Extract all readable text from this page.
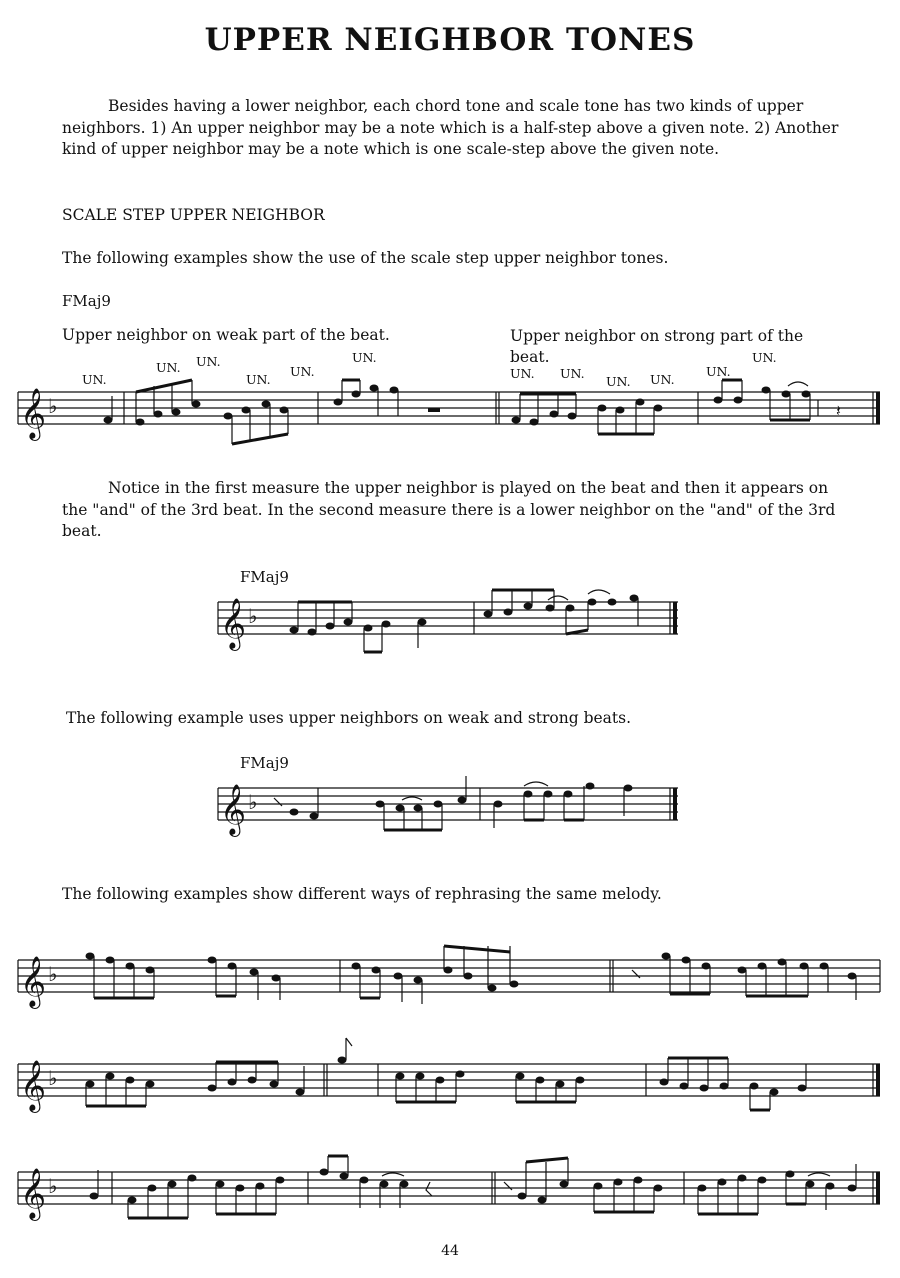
UPPER NEIGHBOR TONES
Besides having a lower neighbor, each chord tone and scale tone has two kinds of upper neighbors. 1) An upper neighbor may be a note which is a half-step above a given note. 2) Another kind of upper neighbor may be a note which is one scale-step above the given note.
SCALE STEP UPPER NEIGHBOR
The following examples show the use of the scale step upper neighbor tones.
FMaj9
Upper neighbor on weak part of the beat.	Upper neighbor on strong part of the beat.
UN.
UN. UN.
UN.
UN.
UN.
UN. UN.
UN. UN.
UN.
UN.
𝄞 ♭	𝄽
Notice in the first measure the upper neighbor is played on the beat and then it appears on the "and" of the 3rd beat. In the second measure there is a lower neighbor on the "and" of the 3rd beat.
FMaj9
𝄞 ♭
The following example uses upper neighbors on weak and strong beats.
FMaj9
𝄞 ♭
The following examples show different ways of rephrasing the same melody.
𝄞 ♭
𝄞 ♭
𝄞 ♭
44
